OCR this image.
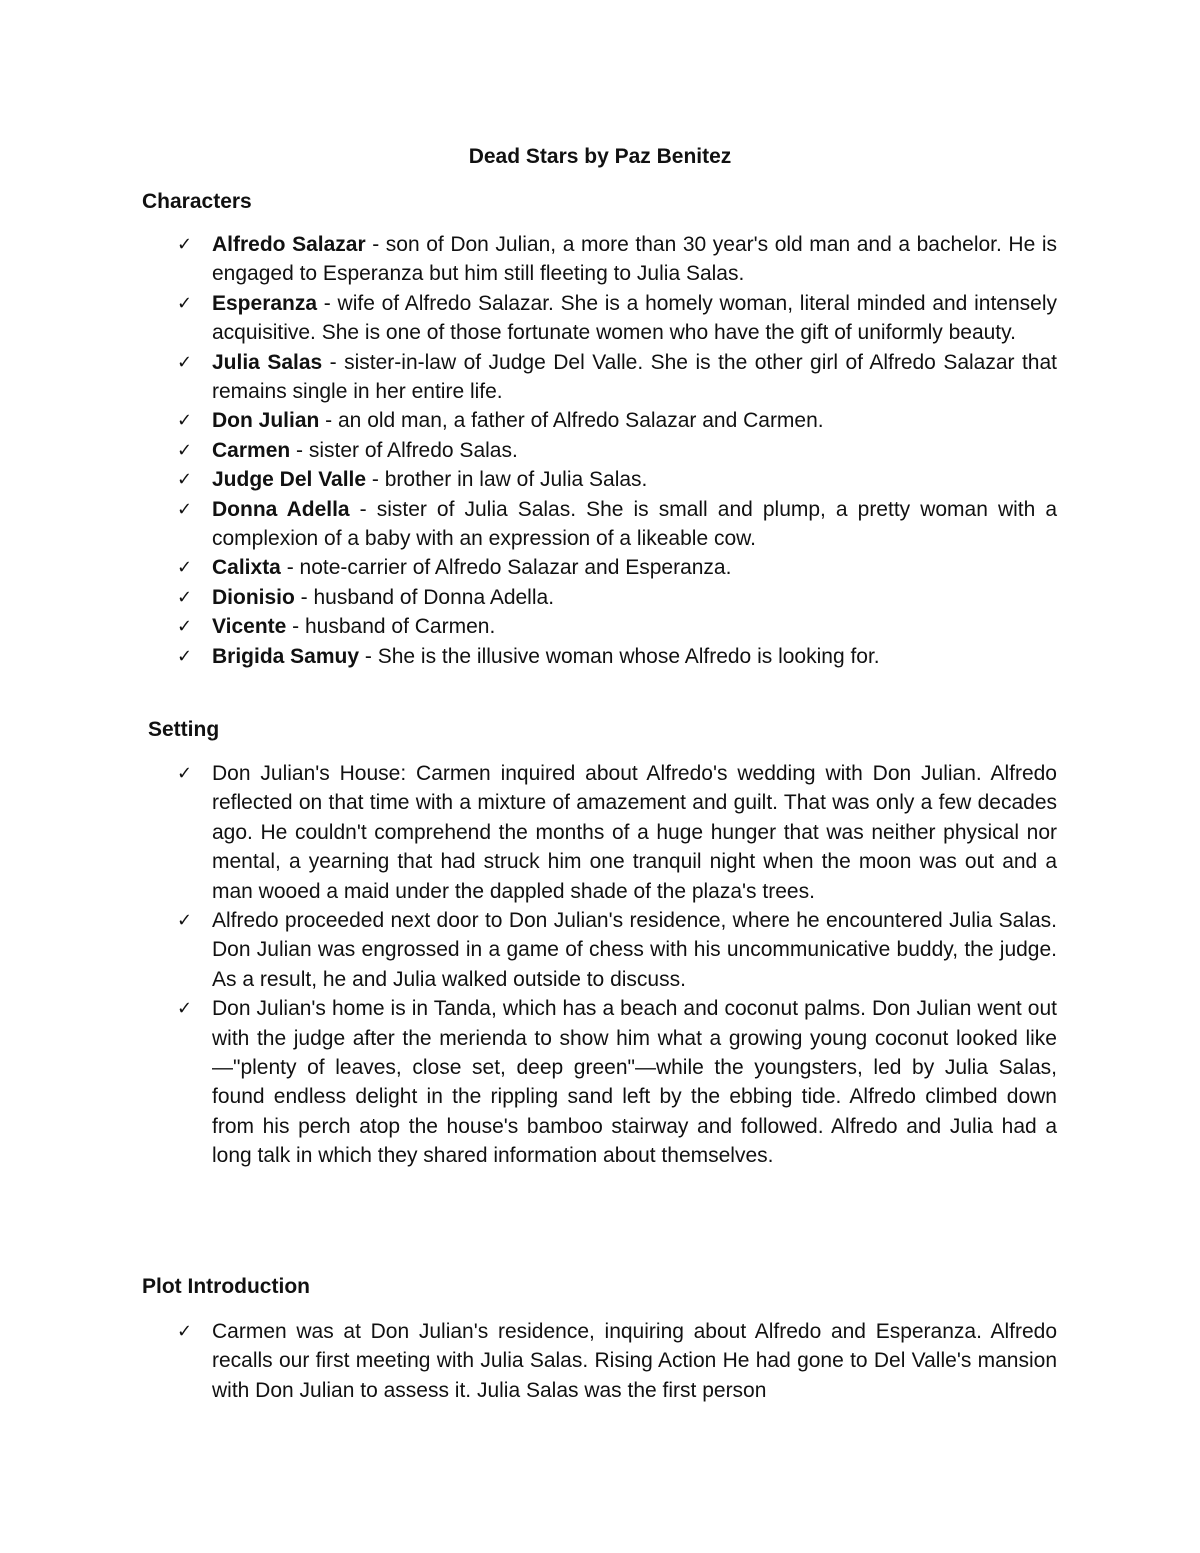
Dead Stars by Paz Benitez
Characters
✓ Alfredo Salazar - son of Don Julian, a more than 30 year's old man and a bachelor. He is engaged to Esperanza but him still fleeting to Julia Salas.
✓ Esperanza - wife of Alfredo Salazar. She is a homely woman, literal minded and intensely acquisitive. She is one of those fortunate women who have the gift of uniformly beauty.
✓ Julia Salas - sister-in-law of Judge Del Valle. She is the other girl of Alfredo Salazar that remains single in her entire life.
✓ Don Julian - an old man, a father of Alfredo Salazar and Carmen.
✓ Carmen - sister of Alfredo Salas.
✓ Judge Del Valle - brother in law of Julia Salas.
✓ Donna Adella - sister of Julia Salas. She is small and plump, a pretty woman with a complexion of a baby with an expression of a likeable cow.
✓ Calixta - note-carrier of Alfredo Salazar and Esperanza.
✓ Dionisio - husband of Donna Adella.
✓ Vicente - husband of Carmen.
✓ Brigida Samuy - She is the illusive woman whose Alfredo is looking for.
Setting
✓ Don Julian's House: Carmen inquired about Alfredo's wedding with Don Julian. Alfredo reflected on that time with a mixture of amazement and guilt. That was only a few decades ago. He couldn't comprehend the months of a huge hunger that was neither physical nor mental, a yearning that had struck him one tranquil night when the moon was out and a man wooed a maid under the dappled shade of the plaza's trees.
✓ Alfredo proceeded next door to Don Julian's residence, where he encountered Julia Salas. Don Julian was engrossed in a game of chess with his uncommunicative buddy, the judge. As a result, he and Julia walked outside to discuss.
✓ Don Julian's home is in Tanda, which has a beach and coconut palms. Don Julian went out with the judge after the merienda to show him what a growing young coconut looked like—"plenty of leaves, close set, deep green"—while the youngsters, led by Julia Salas, found endless delight in the rippling sand left by the ebbing tide. Alfredo climbed down from his perch atop the house's bamboo stairway and followed. Alfredo and Julia had a long talk in which they shared information about themselves.
Plot Introduction
✓ Carmen was at Don Julian's residence, inquiring about Alfredo and Esperanza. Alfredo recalls our first meeting with Julia Salas. Rising Action He had gone to Del Valle's mansion with Don Julian to assess it. Julia Salas was the first person
